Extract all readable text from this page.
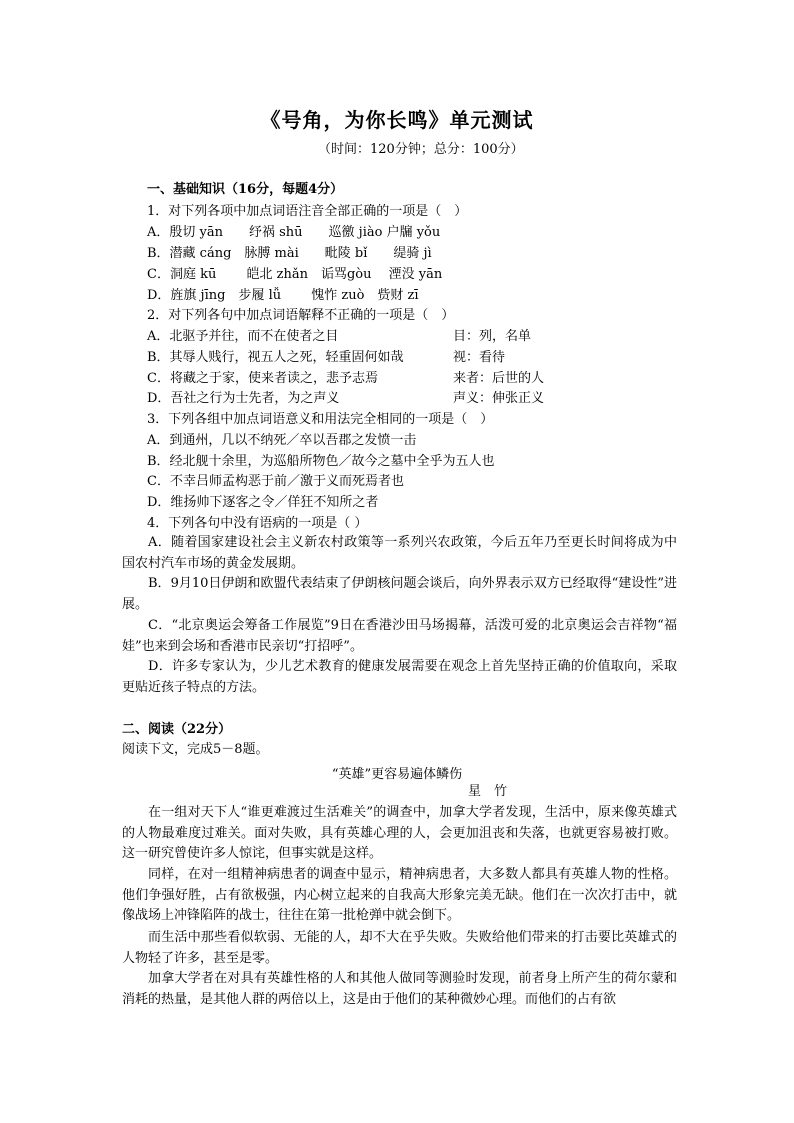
《号角，为你长鸣》单元测试
（时间：120分钟；总分：100分）
一、基础知识（16分，每题4分）
1．对下列各项中加点词语注音全部正确的一项是（　）
A．殷切 yān　　纾祸 shū　　巡徼 jiào 户牖 yǒu
B．潜藏 cáng　脉膊 mài　　毗陵 bǐ　　缇骑 jì
C．洞庭 kū　　 皑北 zhǎn　诟骂gòu　 湮没 yān
D．旌旗 jīng　步履 lǚ　　 愧怍 zuò　赀财 zī
2．对下列各句中加点词语解释不正确的一项是（　）
A．北驱予并往，而不在使者之目	目：列，名单
B．其辱人贱行，视五人之死，轻重固何如哉	视：看待
C．将藏之于家，使来者读之，悲予志焉	来者：后世的人
D．吾社之行为士先者，为之声义	声义：伸张正义
3．下列各组中加点词语意义和用法完全相同的一项是（　）
A．到通州，几以不纳死／卒以吾郡之发愤一击
B．经北舰十余里，为巡船所物色／故今之墓中全乎为五人也
C．不幸吕师孟构恶于前／激于义而死焉者也
D．维扬帅下逐客之令／佯狂不知所之者
4．下列各句中没有语病的一项是（ ）
A．随着国家建设社会主义新农村政策等一系列兴农政策，今后五年乃至更长时间将成为中国农村汽车市场的黄金发展期。
B．9月10日伊朗和欧盟代表结束了伊朗核问题会谈后，向外界表示双方已经取得“建设性”进展。
C．“北京奥运会筹备工作展览”9日在香港沙田马场揭幕，活泼可爱的北京奥运会吉祥物“福娃”也来到会场和香港市民亲切“打招呼”。
D．许多专家认为，少儿艺术教育的健康发展需要在观念上首先坚持正确的价值取向，采取更贴近孩子特点的方法。
二、阅读（22分）
阅读下文，完成5－8题。
“英雄”更容易遍体鳞伤
星　竹
在一组对天下人“谁更难渡过生活难关”的调查中，加拿大学者发现，生活中，原来像英雄式的人物最难度过难关。面对失败，具有英雄心理的人，会更加沮丧和失落，也就更容易被打败。这一研究曾使许多人惊诧，但事实就是这样。
同样，在对一组精神病患者的调查中显示，精神病患者，大多数人都具有英雄人物的性格。他们争强好胜，占有欲极强，内心树立起来的自我高大形象完美无缺。他们在一次次打击中，就像战场上冲锋陷阵的战士，往往在第一批枪弹中就会倒下。
而生活中那些看似软弱、无能的人，却不大在乎失败。失败给他们带来的打击要比英雄式的人物轻了许多，甚至是零。
加拿大学者在对具有英雄性格的人和其他人做同等测验时发现，前者身上所产生的荷尔蒙和消耗的热量，是其他人群的两倍以上，这是由于他们的某种微妙心理。而他们的占有欲
